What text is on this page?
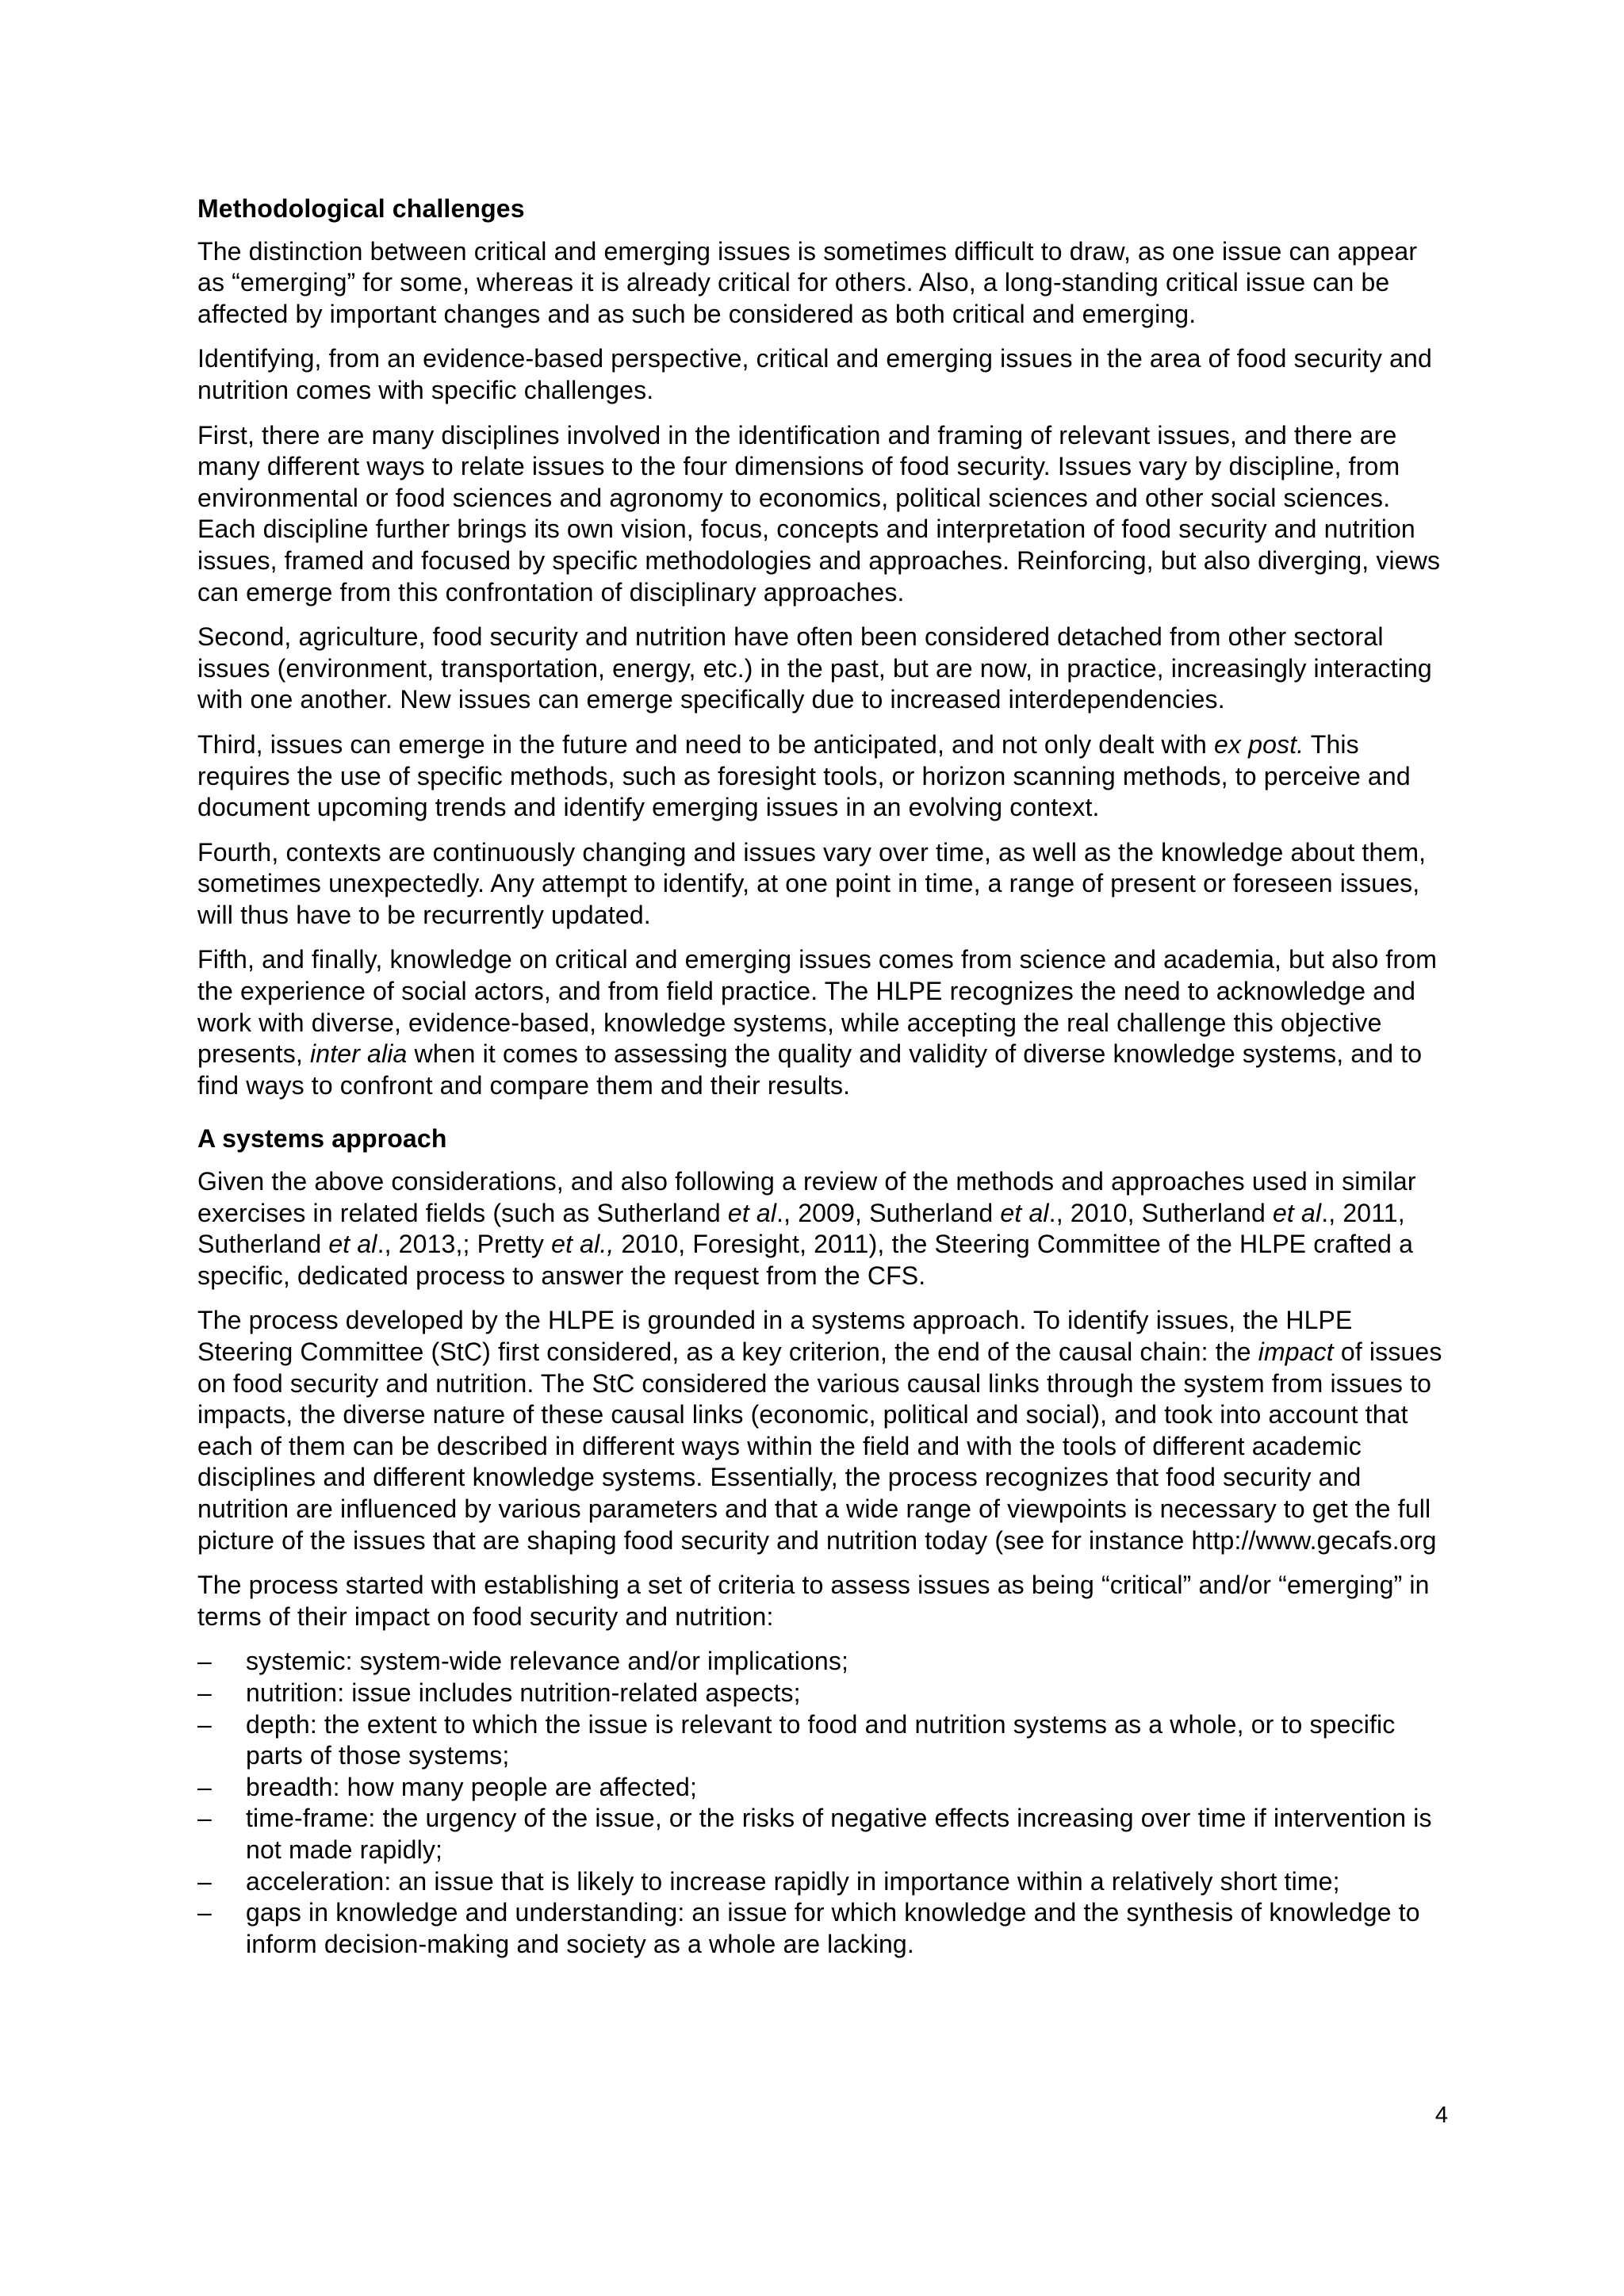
Methodological challenges

The distinction between critical and emerging issues is sometimes difficult to draw, as one issue can appear as “emerging” for some, whereas it is already critical for others. Also, a long-standing critical issue can be affected by important changes and as such be considered as both critical and emerging.

Identifying, from an evidence-based perspective, critical and emerging issues in the area of food security and nutrition comes with specific challenges.

First, there are many disciplines involved in the identification and framing of relevant issues, and there are many different ways to relate issues to the four dimensions of food security. Issues vary by discipline, from environmental or food sciences and agronomy to economics, political sciences and other social sciences. Each discipline further brings its own vision, focus, concepts and interpretation of food security and nutrition issues, framed and focused by specific methodologies and approaches. Reinforcing, but also diverging, views can emerge from this confrontation of disciplinary approaches.

Second, agriculture, food security and nutrition have often been considered detached from other sectoral issues (environment, transportation, energy, etc.) in the past, but are now, in practice, increasingly interacting with one another. New issues can emerge specifically due to increased interdependencies.

Third, issues can emerge in the future and need to be anticipated, and not only dealt with ex post. This requires the use of specific methods, such as foresight tools, or horizon scanning methods, to perceive and document upcoming trends and identify emerging issues in an evolving context.

Fourth, contexts are continuously changing and issues vary over time, as well as the knowledge about them, sometimes unexpectedly. Any attempt to identify, at one point in time, a range of present or foreseen issues, will thus have to be recurrently updated.

Fifth, and finally, knowledge on critical and emerging issues comes from science and academia, but also from the experience of social actors, and from field practice. The HLPE recognizes the need to acknowledge and work with diverse, evidence-based, knowledge systems, while accepting the real challenge this objective presents, inter alia when it comes to assessing the quality and validity of diverse knowledge systems, and to find ways to confront and compare them and their results.

A systems approach

Given the above considerations, and also following a review of the methods and approaches used in similar exercises in related fields (such as Sutherland et al., 2009, Sutherland et al., 2010, Sutherland et al., 2011, Sutherland et al., 2013,; Pretty et al., 2010, Foresight, 2011), the Steering Committee of the HLPE crafted a specific, dedicated process to answer the request from the CFS.

The process developed by the HLPE is grounded in a systems approach. To identify issues, the HLPE Steering Committee (StC) first considered, as a key criterion, the end of the causal chain: the impact of issues on food security and nutrition. The StC considered the various causal links through the system from issues to impacts, the diverse nature of these causal links (economic, political and social), and took into account that each of them can be described in different ways within the field and with the tools of different academic disciplines and different knowledge systems. Essentially, the process recognizes that food security and nutrition are influenced by various parameters and that a wide range of viewpoints is necessary to get the full picture of the issues that are shaping food security and nutrition today (see for instance http://www.gecafs.org

The process started with establishing a set of criteria to assess issues as being “critical” and/or “emerging” in terms of their impact on food security and nutrition:

– systemic: system-wide relevance and/or implications;
– nutrition: issue includes nutrition-related aspects;
– depth: the extent to which the issue is relevant to food and nutrition systems as a whole, or to specific parts of those systems;
– breadth: how many people are affected;
– time-frame: the urgency of the issue, or the risks of negative effects increasing over time if intervention is not made rapidly;
– acceleration: an issue that is likely to increase rapidly in importance within a relatively short time;
– gaps in knowledge and understanding: an issue for which knowledge and the synthesis of knowledge to inform decision-making and society as a whole are lacking.
4
